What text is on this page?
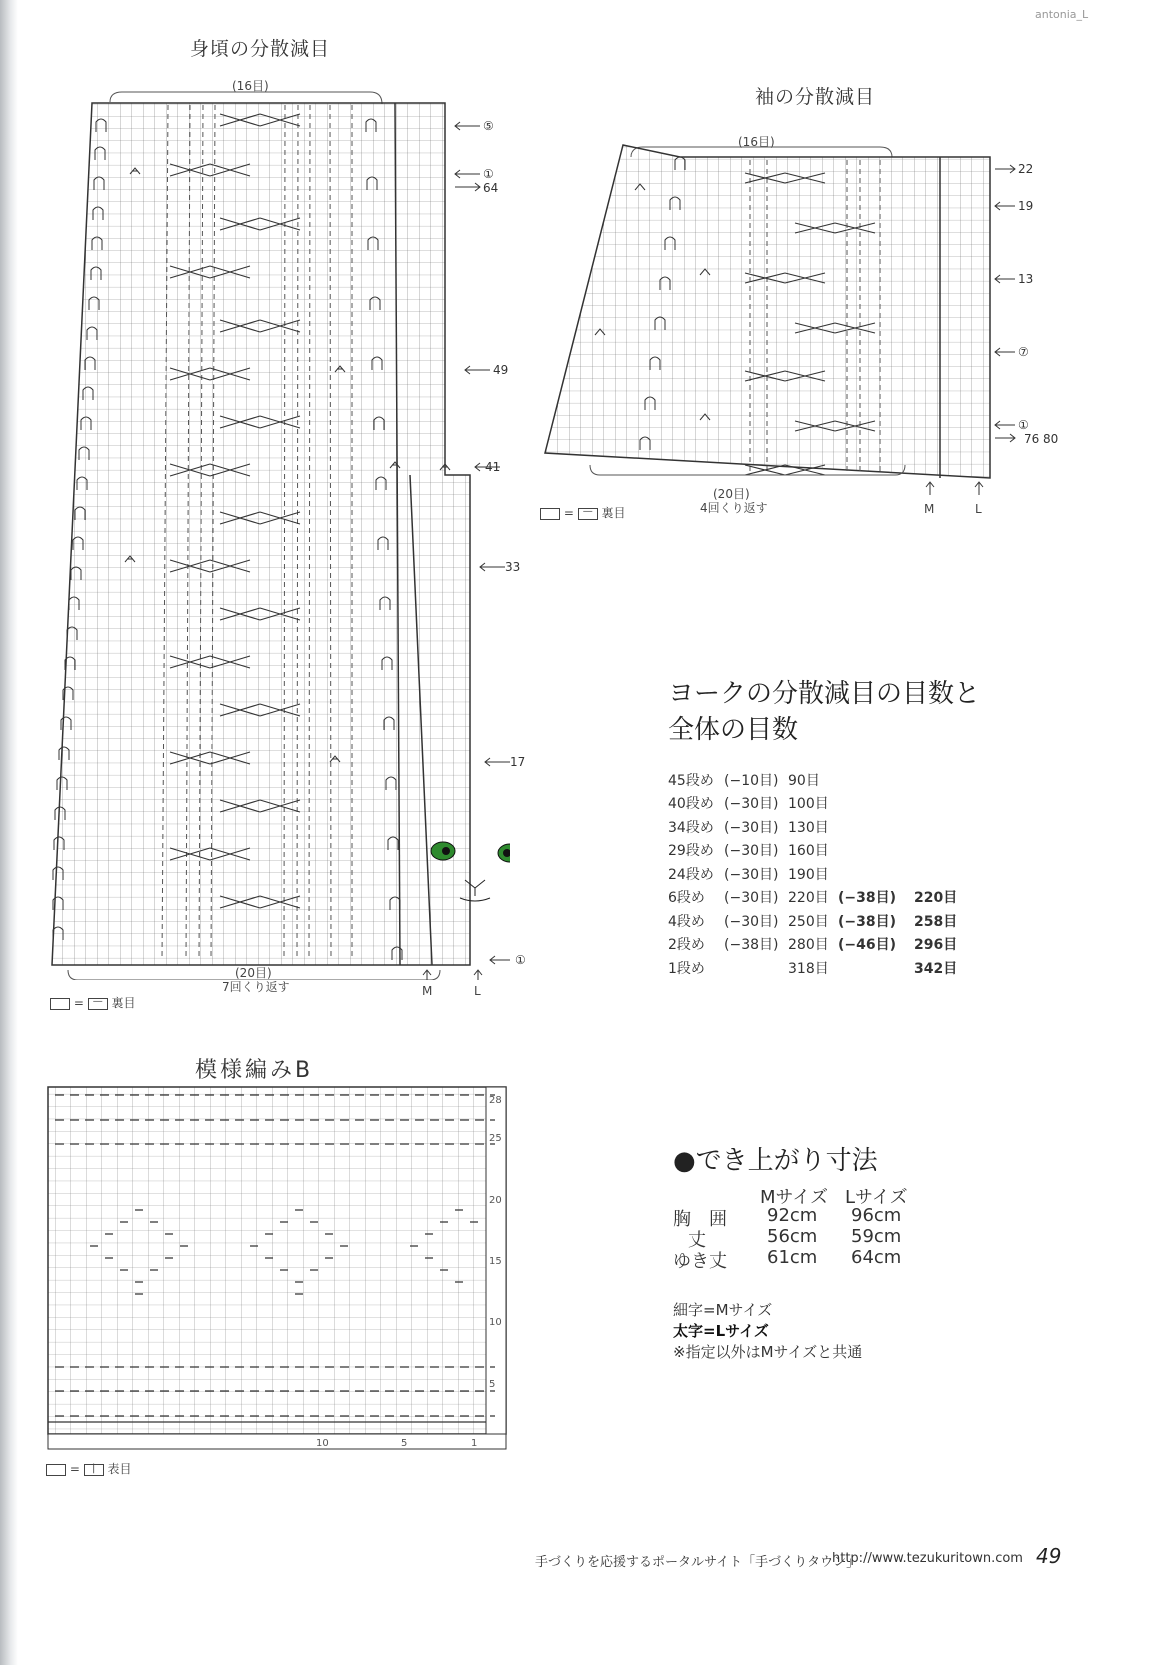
antonia_L
身頃の分散減目
(16目)
⑤
①
64
49
41
33
17
①
(20目)
7回くり返す	M	L
= — 裏目
袖の分散減目
(16目)
22
19
13
⑦
①
76 80
(20目)
4回くり返す	M	L
= — 裏目
ヨークの分散減目の目数と
全体の目数
45段め (−10目) 90目
40段め (−30目) 100目
34段め (−30目) 130目
29段め (−30目) 160目
24段め (−30目) 190目
6段め	(−30目) 220目 (−38目)	220目
4段め	(−30目) 250目 (−38目)	258目
2段め	(−38目) 280目 (−46目)	296目
1段め	318目	342目
模様編みB
28
25
20
15
10
5
10	5	1
= | 表目
●でき上がり寸法
Mサイズ Lサイズ
胸　囲 92cm 96cm
丈	56cm 59cm
ゆき丈 61cm 64cm
細字=Mサイズ
太字=Lサイズ
※指定以外はMサイズと共通
手づくりを応援するポータルサイト「手づくりタウン」
http://www.tezukuritown.com 49
